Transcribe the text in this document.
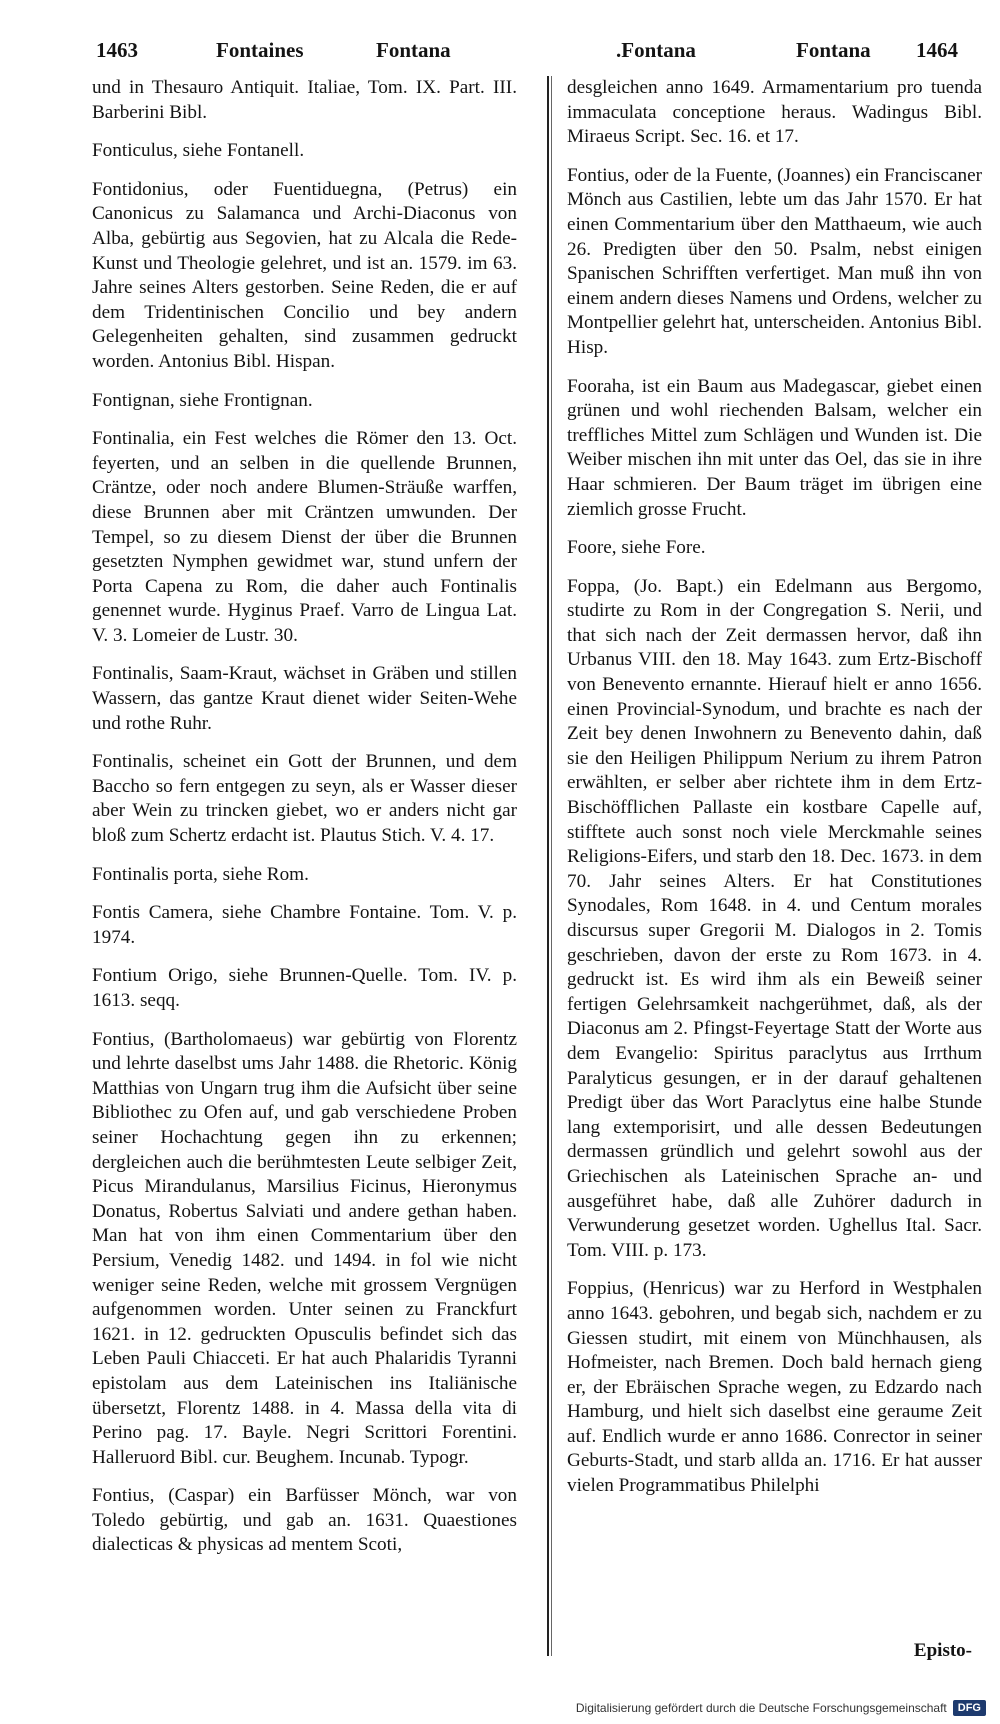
1463	Fontaines	Fontana	.Fontana	Fontana 1464

und in Thesauro Antiquit. Italiae, Tom. IX. Part. III. Barberini Bibl.

Fonticulus, siehe Fontanell.

Fontidonius, oder Fuentiduegna, (Petrus) ein Canonicus zu Salamanca und Archi-Diaconus von Alba, gebürtig aus Segovien, hat zu Alcala die Rede-Kunst und Theologie gelehret, und ist an. 1579. im 63. Jahre seines Alters gestorben. Seine Reden, die er auf dem Tridentinischen Concilio und bey andern Gelegenheiten gehalten, sind zusammen gedruckt worden. Antonius Bibl. Hispan.

Fontignan, siehe Frontignan.

Fontinalia, ein Fest welches die Römer den 13. Oct. feyerten, und an selben in die quellende Brunnen, Cräntze, oder noch andere Blumen-Sträuße warffen, diese Brunnen aber mit Cräntzen umwunden. Der Tempel, so zu diesem Dienst der über die Brunnen gesetzten Nymphen gewidmet war, stund unfern der Porta Capena zu Rom, die daher auch Fontinalis genennet wurde. Hyginus Praef. Varro de Lingua Lat. V. 3. Lomeier de Lustr. 30.

Fontinalis, Saam-Kraut, wächset in Gräben und stillen Wassern, das gantze Kraut dienet wider Seiten-Wehe und rothe Ruhr.

Fontinalis, scheinet ein Gott der Brunnen, und dem Baccho so fern entgegen zu seyn, als er Wasser dieser aber Wein zu trincken giebet, wo er anders nicht gar bloß zum Schertz erdacht ist. Plautus Stich. V. 4. 17.

Fontinalis porta, siehe Rom.

Fontis Camera, siehe Chambre Fontaine. Tom. V. p. 1974.

Fontium Origo, siehe Brunnen-Quelle. Tom. IV. p. 1613. seqq.

Fontius, (Bartholomaeus) war gebürtig von Florentz und lehrte daselbst ums Jahr 1488. die Rhetoric. König Matthias von Ungarn trug ihm die Aufsicht über seine Bibliothec zu Ofen auf, und gab verschiedene Proben seiner Hochachtung gegen ihn zu erkennen; dergleichen auch die berühmtesten Leute selbiger Zeit, Picus Mirandulanus, Marsilius Ficinus, Hieronymus Donatus, Robertus Salviati und andere gethan haben. Man hat von ihm einen Commentarium über den Persium, Venedig 1482. und 1494. in fol wie nicht weniger seine Reden, welche mit grossem Vergnügen aufgenommen worden. Unter seinen zu Franckfurt 1621. in 12. gedruckten Opusculis befindet sich das Leben Pauli Chiacceti. Er hat auch Phalaridis Tyranni epistolam aus dem Lateinischen ins Italiänische übersetzt, Florentz 1488. in 4. Massa della vita di Perino pag. 17. Bayle. Negri Scrittori Forentini. Halleruord Bibl. cur. Beughem. Incunab. Typogr.

Fontius, (Caspar) ein Barfüsser Mönch, war von Toledo gebürtig, und gab an. 1631. Quaestiones dialecticas & physicas ad mentem Scoti,

desgleichen anno 1649. Armamentarium pro tuenda immaculata conceptione heraus. Wadingus Bibl. Miraeus Script. Sec. 16. et 17.

Fontius, oder de la Fuente, (Joannes) ein Franciscaner Mönch aus Castilien, lebte um das Jahr 1570. Er hat einen Commentarium über den Matthaeum, wie auch 26. Predigten über den 50. Psalm, nebst einigen Spanischen Schrifften verfertiget. Man muß ihn von einem andern dieses Namens und Ordens, welcher zu Montpellier gelehrt hat, unterscheiden. Antonius Bibl. Hisp.

Fooraha, ist ein Baum aus Madegascar, giebet einen grünen und wohl riechenden Balsam, welcher ein treffliches Mittel zum Schlägen und Wunden ist. Die Weiber mischen ihn mit unter das Oel, das sie in ihre Haar schmieren. Der Baum träget im übrigen eine ziemlich grosse Frucht.

Foore, siehe Fore.

Foppa, (Jo. Bapt.) ein Edelmann aus Bergomo, studirte zu Rom in der Congregation S. Nerii, und that sich nach der Zeit dermassen hervor, daß ihn Urbanus VIII. den 18. May 1643. zum Ertz-Bischoff von Benevento ernannte. Hierauf hielt er anno 1656. einen Provincial-Synodum, und brachte es nach der Zeit bey denen Inwohnern zu Benevento dahin, daß sie den Heiligen Philippum Nerium zu ihrem Patron erwählten, er selber aber richtete ihm in dem Ertz-Bischöfflichen Pallaste ein kostbare Capelle auf, stifftete auch sonst noch viele Merckmahle seines Religions-Eifers, und starb den 18. Dec. 1673. in dem 70. Jahr seines Alters. Er hat Constitutiones Synodales, Rom 1648. in 4. und Centum morales discursus super Gregorii M. Dialogos in 2. Tomis geschrieben, davon der erste zu Rom 1673. in 4. gedruckt ist. Es wird ihm als ein Beweiß seiner fertigen Gelehrsamkeit nachgerühmet, daß, als der Diaconus am 2. Pfingst-Feyertage Statt der Worte aus dem Evangelio: Spiritus paraclytus aus Irrthum Paralyticus gesungen, er in der darauf gehaltenen Predigt über das Wort Paraclytus eine halbe Stunde lang extemporisirt, und alle dessen Bedeutungen dermassen gründlich und gelehrt sowohl aus der Griechischen als Lateinischen Sprache an- und ausgeführet habe, daß alle Zuhörer dadurch in Verwunderung gesetzet worden. Ughellus Ital. Sacr. Tom. VIII. p. 173.

Foppius, (Henricus) war zu Herford in Westphalen anno 1643. gebohren, und begab sich, nachdem er zu Giessen studirt, mit einem von Münchhausen, als Hofmeister, nach Bremen. Doch bald hernach gieng er, der Ebräischen Sprache wegen, zu Edzardo nach Hamburg, und hielt sich daselbst eine geraume Zeit auf. Endlich wurde er anno 1686. Conrector in seiner Geburts-Stadt, und starb allda an. 1716. Er hat ausser vielen Programmatibus Philelphi

Episto-
Digitalisierung gefördert durch die Deutsche Forschungsgemeinschaft	DFG
